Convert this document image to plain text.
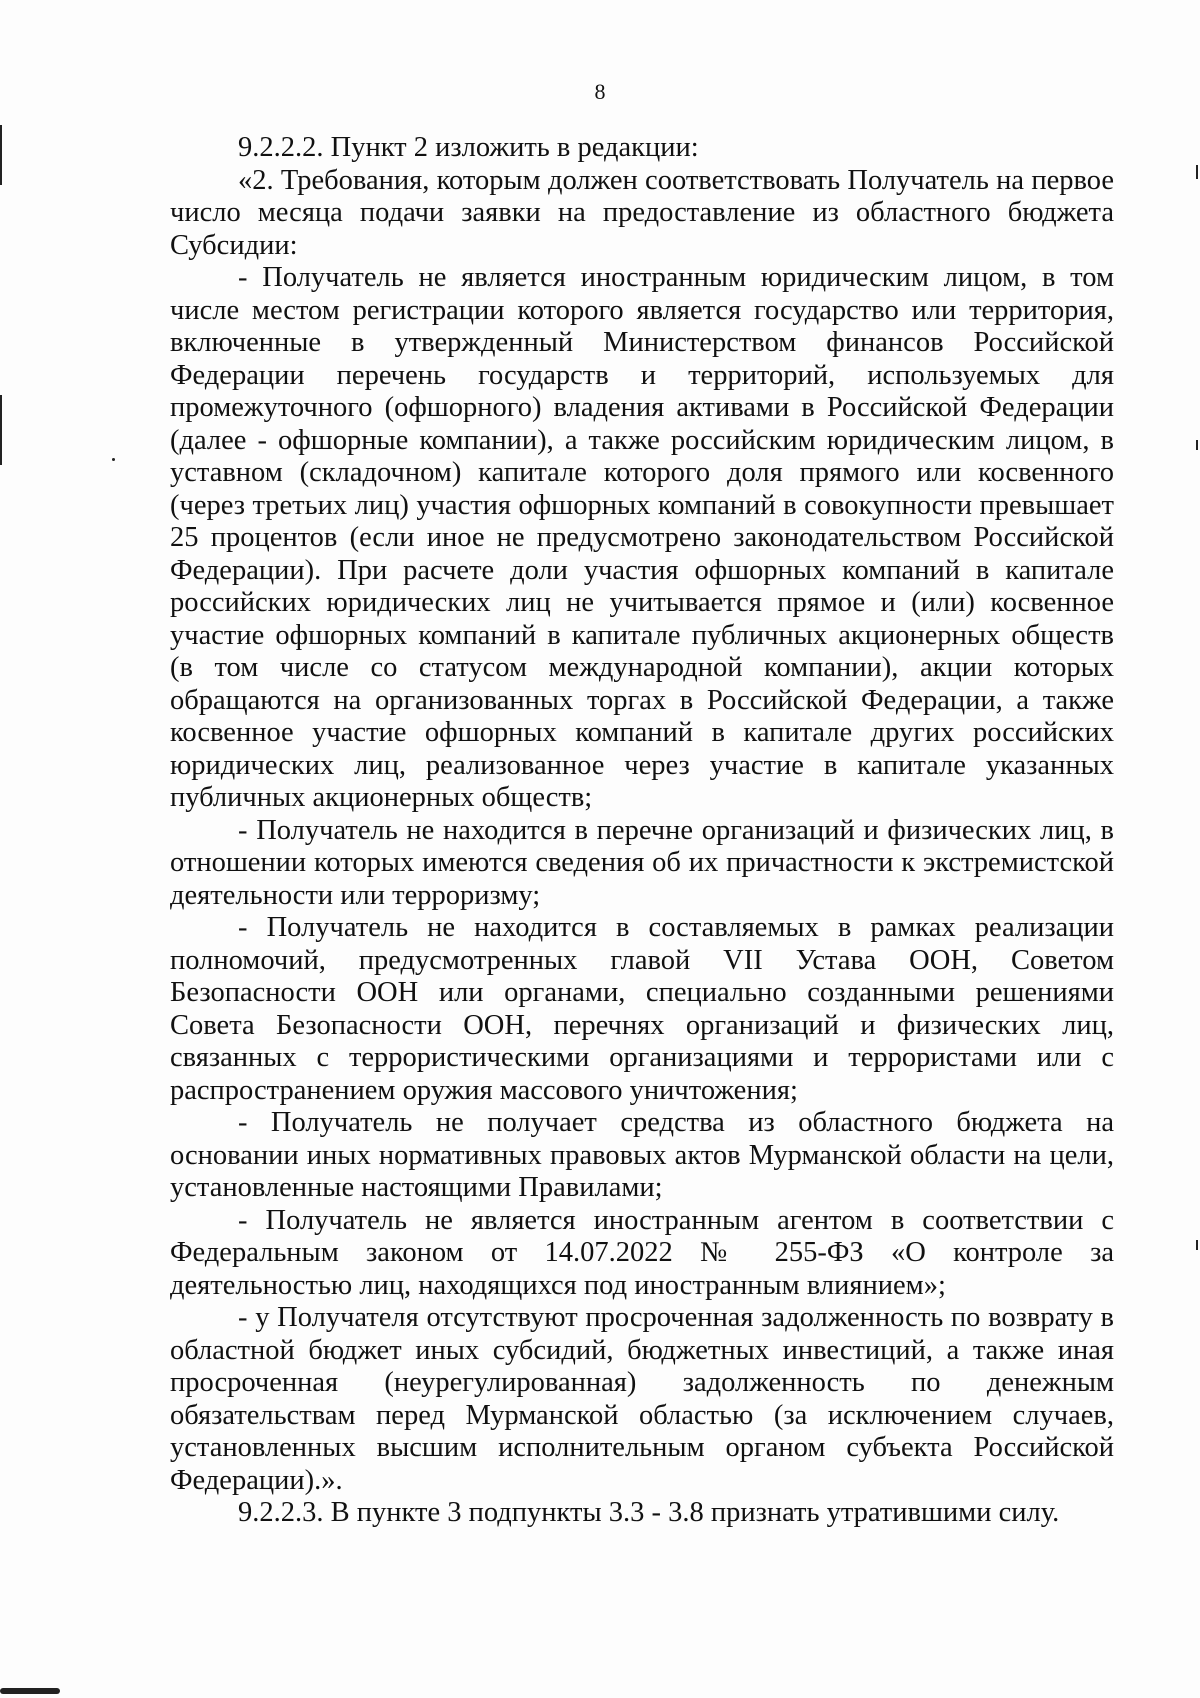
8

9.2.2.2. Пункт 2 изложить в редакции:

«2. Требования, которым должен соответствовать Получатель на первое число месяца подачи заявки на предоставление из областного бюджета Субсидии:

- Получатель не является иностранным юридическим лицом, в том числе местом регистрации которого является государство или территория, включенные в утвержденный Министерством финансов Российской Федерации перечень государств и территорий, используемых для промежуточного (офшорного) владения активами в Российской Федерации (далее - офшорные компании), а также российским юридическим лицом, в уставном (складочном) капитале которого доля прямого или косвенного (через третьих лиц) участия офшорных компаний в совокупности превышает 25 процентов (если иное не предусмотрено законодательством Российской Федерации). При расчете доли участия офшорных компаний в капитале российских юридических лиц не учитывается прямое и (или) косвенное участие офшорных компаний в капитале публичных акционерных обществ (в том числе со статусом международной компании), акции которых обращаются на организованных торгах в Российской Федерации, а также косвенное участие офшорных компаний в капитале других российских юридических лиц, реализованное через участие в капитале указанных публичных акционерных обществ;

- Получатель не находится в перечне организаций и физических лиц, в отношении которых имеются сведения об их причастности к экстремистской деятельности или терроризму;

- Получатель не находится в составляемых в рамках реализации полномочий, предусмотренных главой VII Устава ООН, Советом Безопасности ООН или органами, специально созданными решениями Совета Безопасности ООН, перечнях организаций и физических лиц, связанных с террористическими организациями и террористами или с распространением оружия массового уничтожения;

- Получатель не получает средства из областного бюджета на основании иных нормативных правовых актов Мурманской области на цели, установленные настоящими Правилами;

- Получатель не является иностранным агентом в соответствии с Федеральным законом от 14.07.2022 № 255-ФЗ «О контроле за деятельностью лиц, находящихся под иностранным влиянием»;

- у Получателя отсутствуют просроченная задолженность по возврату в областной бюджет иных субсидий, бюджетных инвестиций, а также иная просроченная (неурегулированная) задолженность по денежным обязательствам перед Мурманской областью (за исключением случаев, установленных высшим исполнительным органом субъекта Российской Федерации).».

9.2.2.3. В пункте 3 подпункты 3.3 - 3.8 признать утратившими силу.
